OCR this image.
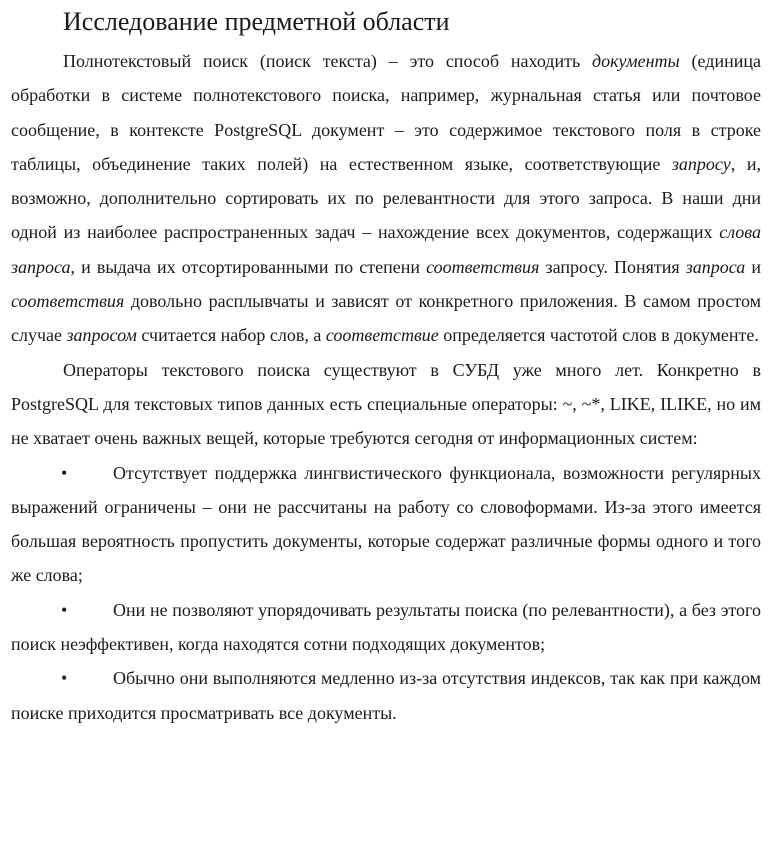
Исследование предметной области

Полнотекстовый поиск (поиск текста) – это способ находить документы (единица обработки в системе полнотекстового поиска, например, журнальная статья или почтовое сообщение, в контексте PostgreSQL документ – это содержимое текстового поля в строке таблицы, объединение таких полей) на естественном языке, соответствующие запросу, и, возможно, дополнительно сортировать их по релевантности для этого запроса. В наши дни одной из наиболее распространенных задач – нахождение всех документов, содержащих слова запроса, и выдача их отсортированными по степени соответствия запросу. Понятия запроса и соответствия довольно расплывчаты и зависят от конкретного приложения. В самом простом случае запросом считается набор слов, а соответствие определяется частотой слов в документе.

Операторы текстового поиска существуют в СУБД уже много лет. Конкретно в PostgreSQL для текстовых типов данных есть специальные операторы: ~, ~*, LIKE, ILIKE, но им не хватает очень важных вещей, которые требуются сегодня от информационных систем:

•	Отсутствует поддержка лингвистического функционала, возможности регулярных выражений ограничены – они не рассчитаны на работу со словоформами. Из-за этого имеется большая вероятность пропустить документы, которые содержат различные формы одного и того же слова;
•	Они не позволяют упорядочивать результаты поиска (по релевантности), а без этого поиск неэффективен, когда находятся сотни подходящих документов;
•	Обычно они выполняются медленно из-за отсутствия индексов, так как при каждом поиске приходится просматривать все документы.
